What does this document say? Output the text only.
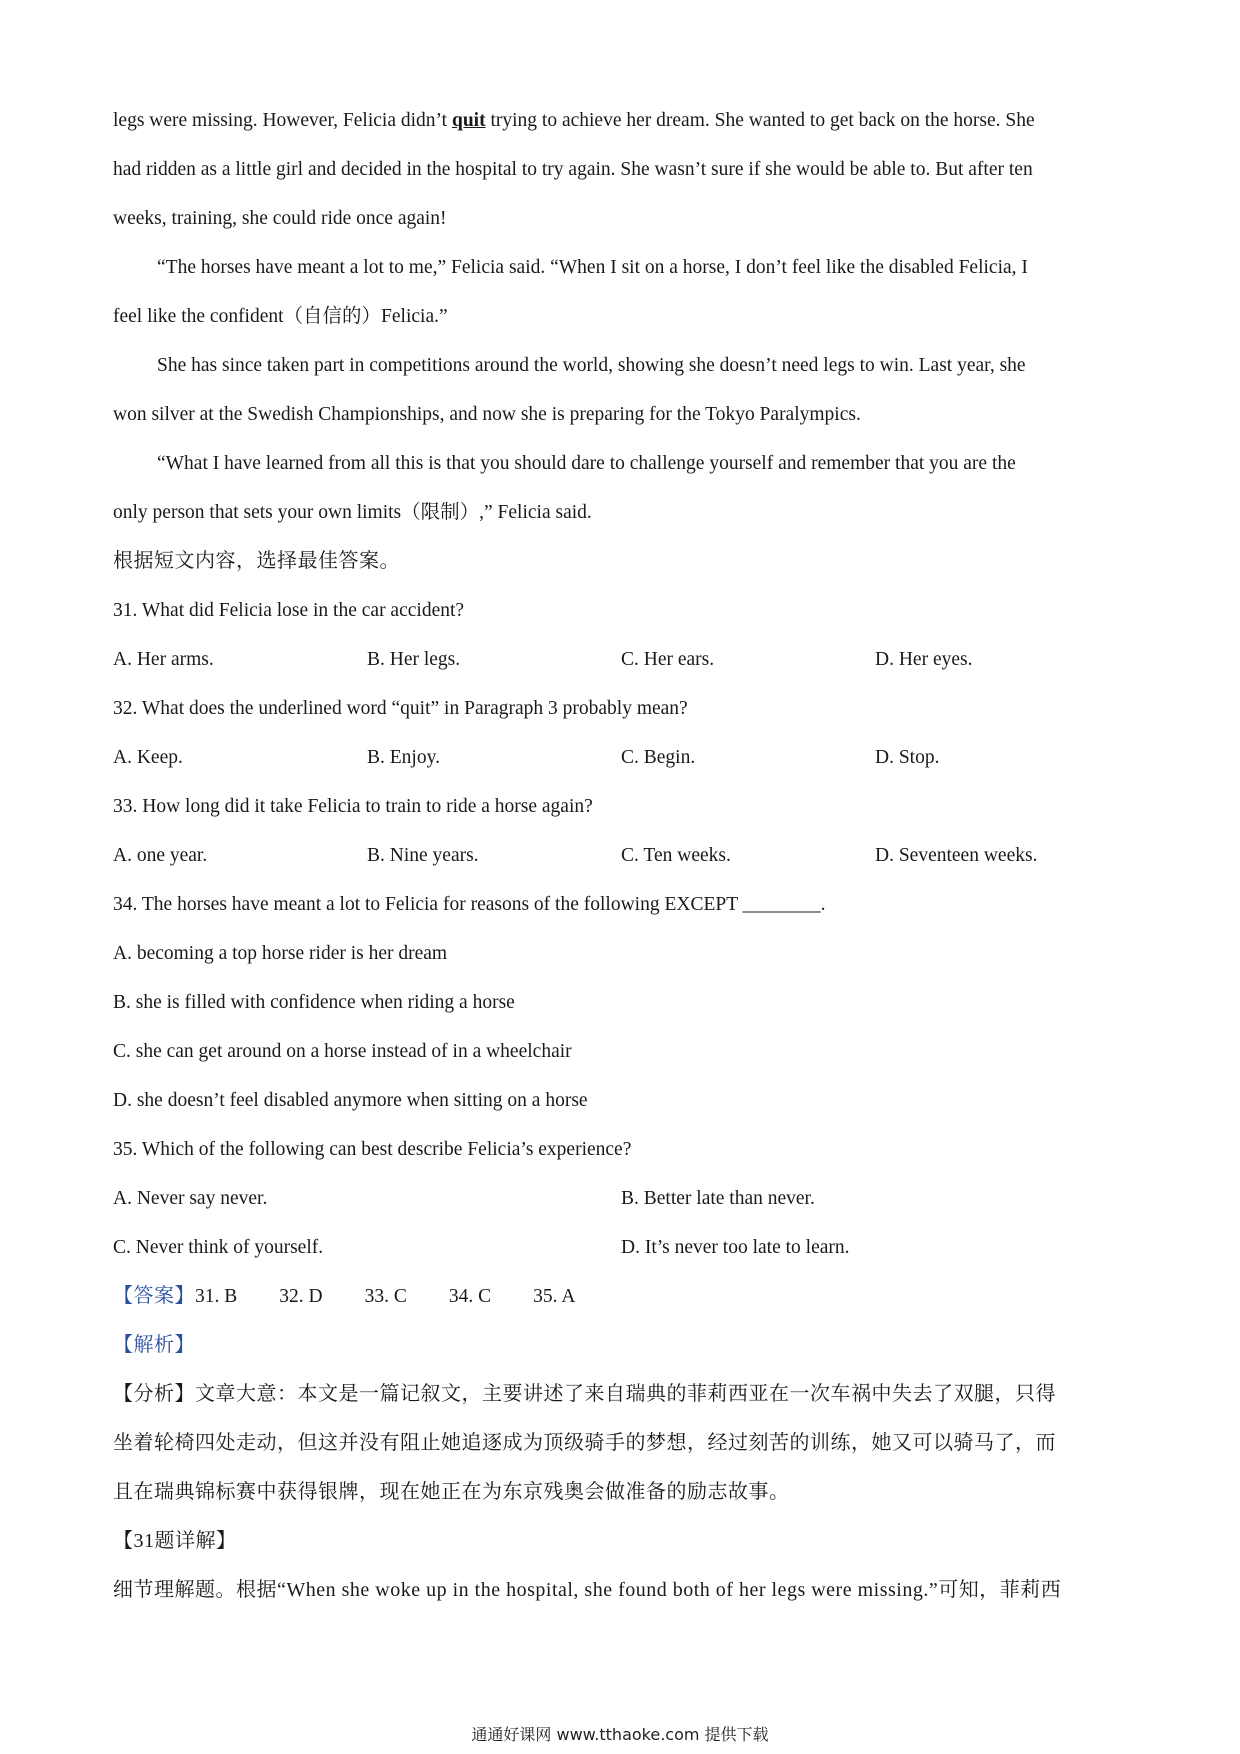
legs were missing. However, Felicia didn’t quit trying to achieve her dream. She wanted to get back on the horse. She
had ridden as a little girl and decided in the hospital to try again. She wasn’t sure if she would be able to. But after ten
weeks, training, she could ride once again!
“The horses have meant a lot to me,” Felicia said. “When I sit on a horse, I don’t feel like the disabled Felicia, I
feel like the confident（自信的）Felicia.”
She has since taken part in competitions around the world, showing she doesn’t need legs to win. Last year, she
won silver at the Swedish Championships, and now she is preparing for the Tokyo Paralympics.
“What I have learned from all this is that you should dare to challenge yourself and remember that you are the
only person that sets your own limits（限制）,” Felicia said.
根据短文内容，选择最佳答案。
31. What did Felicia lose in the car accident?
A. Her arms.	B. Her legs.	C. Her ears.	D. Her eyes.
32. What does the underlined word “quit” in Paragraph 3 probably mean?
A. Keep.	B. Enjoy.	C. Begin.	D. Stop.
33. How long did it take Felicia to train to ride a horse again?
A. one year.	B. Nine years.	C. Ten weeks.	D. Seventeen weeks.
34. The horses have meant a lot to Felicia for reasons of the following EXCEPT ________.
A. becoming a top horse rider is her dream
B. she is filled with confidence when riding a horse
C. she can get around on a horse instead of in a wheelchair
D. she doesn’t feel disabled anymore when sitting on a horse
35. Which of the following can best describe Felicia’s experience?
A. Never say never.	B. Better late than never.
C. Never think of yourself.	D. It’s never too late to learn.
【答案】31. B 32. D 33. C 34. C 35. A
【解析】
【分析】文章大意：本文是一篇记叙文，主要讲述了来自瑞典的菲莉西亚在一次车祸中失去了双腿，只得
坐着轮椅四处走动，但这并没有阻止她追逐成为顶级骑手的梦想，经过刻苦的训练，她又可以骑马了，而
且在瑞典锦标赛中获得银牌，现在她正在为东京残奥会做准备的励志故事。
【31题详解】
细节理解题。根据“When she woke up in the hospital, she found both of her legs were missing.”可知，菲莉西
通通好课网 www.tthaoke.com 提供下载
